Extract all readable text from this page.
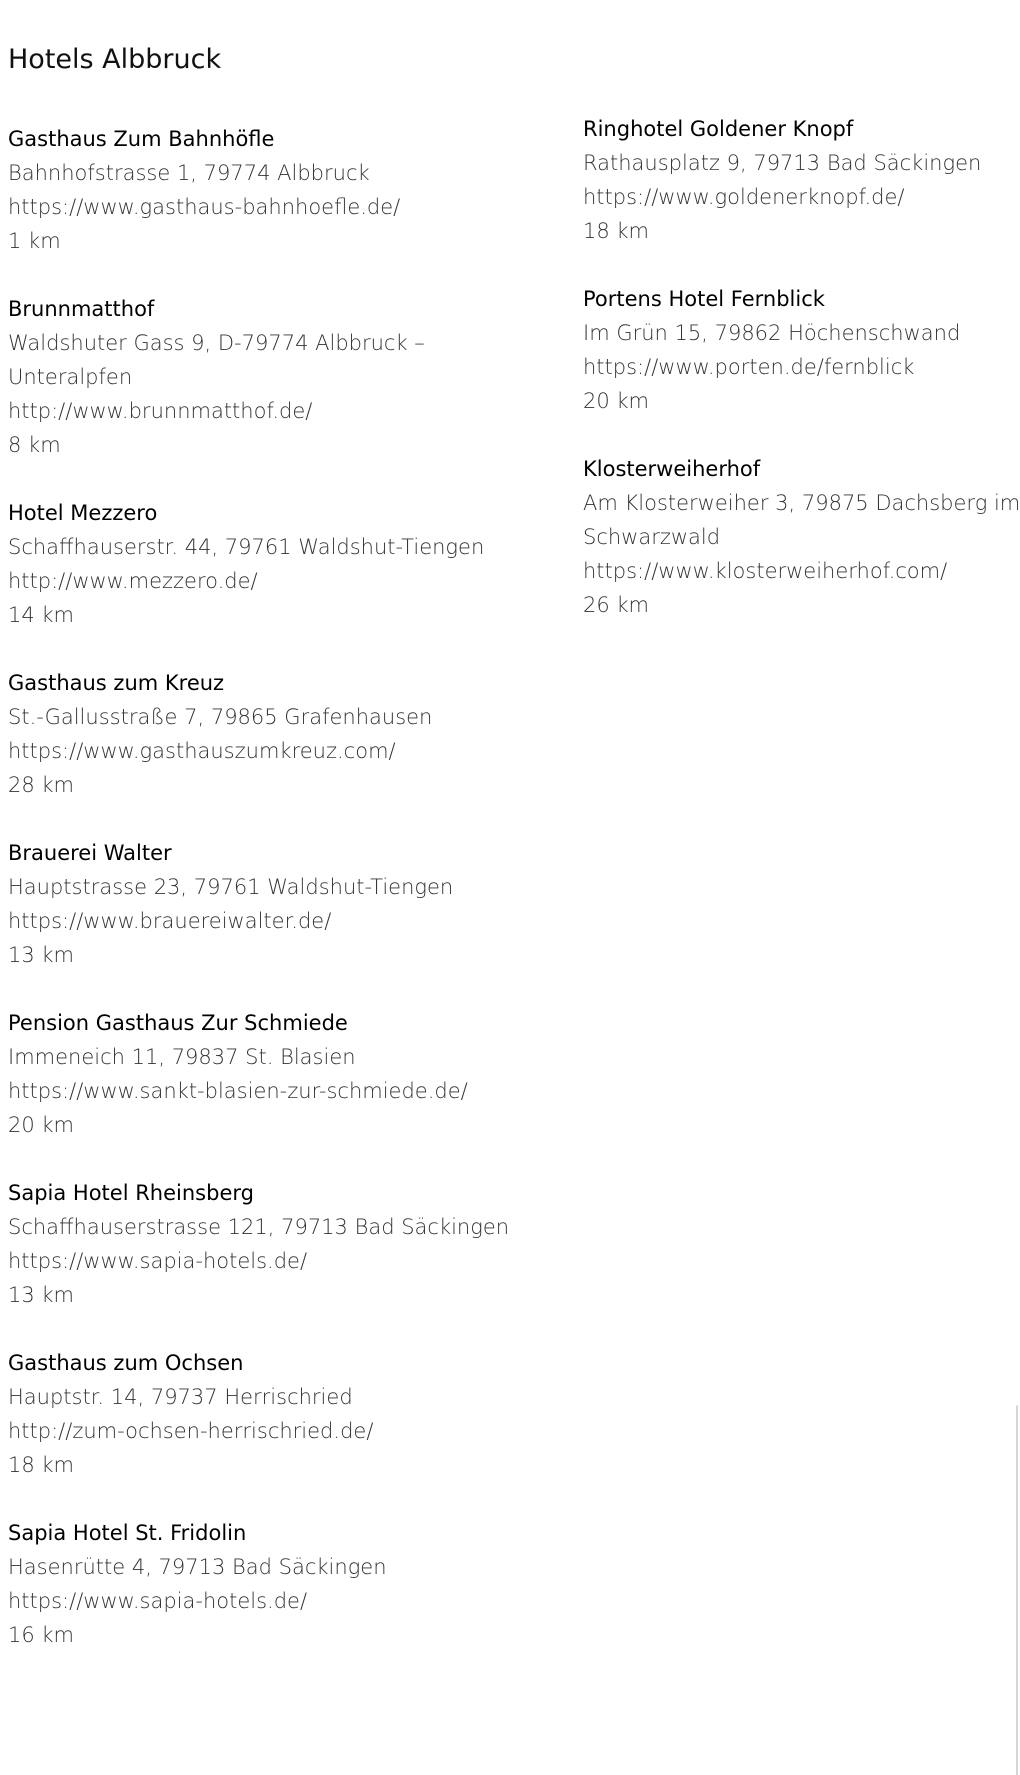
Hotels Albbruck
Gasthaus Zum Bahnhöfle
Bahnhofstrasse 1, 79774 Albbruck
https://www.gasthaus-bahnhoefle.de/
1 km
Brunnmatthof
Waldshuter Gass 9, D-79774 Albbruck –
Unteralpfen
http://www.brunnmatthof.de/
8 km
Hotel Mezzero
Schaffhauserstr. 44, 79761 Waldshut-Tiengen
http://www.mezzero.de/
14 km
Gasthaus zum Kreuz
St.-Gallusstraße 7, 79865 Grafenhausen
https://www.gasthauszumkreuz.com/
28 km
Brauerei Walter
Hauptstrasse 23, 79761 Waldshut-Tiengen
https://www.brauereiwalter.de/
13 km
Pension Gasthaus Zur Schmiede
Immeneich 11, 79837 St. Blasien
https://www.sankt-blasien-zur-schmiede.de/
20 km
Sapia Hotel Rheinsberg
Schaffhauserstrasse 121, 79713 Bad Säckingen
https://www.sapia-hotels.de/
13 km
Gasthaus zum Ochsen
Hauptstr. 14, 79737 Herrischried
http://zum-ochsen-herrischried.de/
18 km
Sapia Hotel St. Fridolin
Hasenrütte 4, 79713 Bad Säckingen
https://www.sapia-hotels.de/
16 km
Ringhotel Goldener Knopf
Rathausplatz 9, 79713 Bad Säckingen
https://www.goldenerknopf.de/
18 km
Portens Hotel Fernblick
Im Grün 15, 79862 Höchenschwand
https://www.porten.de/fernblick
20 km
Klosterweiherhof
Am Klosterweiher 3, 79875 Dachsberg im
Schwarzwald
https://www.klosterweiherhof.com/
26 km
